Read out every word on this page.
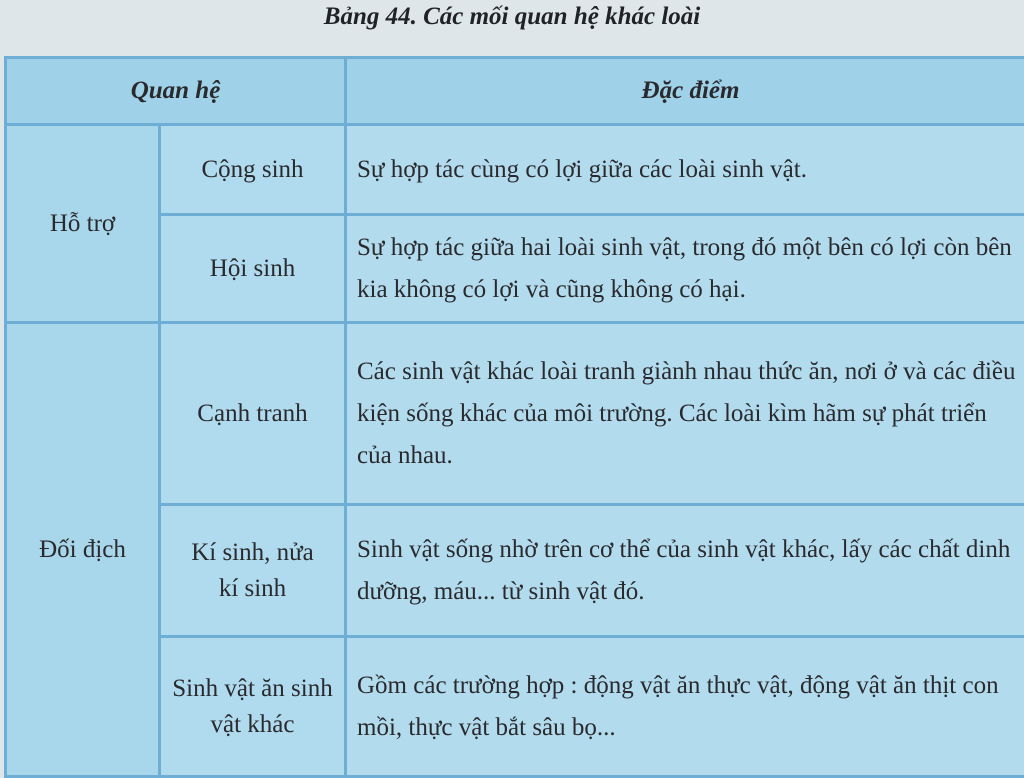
Bảng 44. Các mối quan hệ khác loài
Quan hệ		Đặc điểm
Hỗ trợ	Cộng sinh	Sự hợp tác cùng có lợi giữa các loài sinh vật.
	Hội sinh	Sự hợp tác giữa hai loài sinh vật, trong đó một bên có lợi còn bên kia không có lợi và cũng không có hại.
Đối địch	Cạnh tranh	Các sinh vật khác loài tranh giành nhau thức ăn, nơi ở và các điều kiện sống khác của môi trường. Các loài kìm hãm sự phát triển của nhau.
	Kí sinh, nửa kí sinh	Sinh vật sống nhờ trên cơ thể của sinh vật khác, lấy các chất dinh dưỡng, máu... từ sinh vật đó.
	Sinh vật ăn sinh vật khác	Gồm các trường hợp : động vật ăn thực vật, động vật ăn thịt con mồi, thực vật bắt sâu bọ...
